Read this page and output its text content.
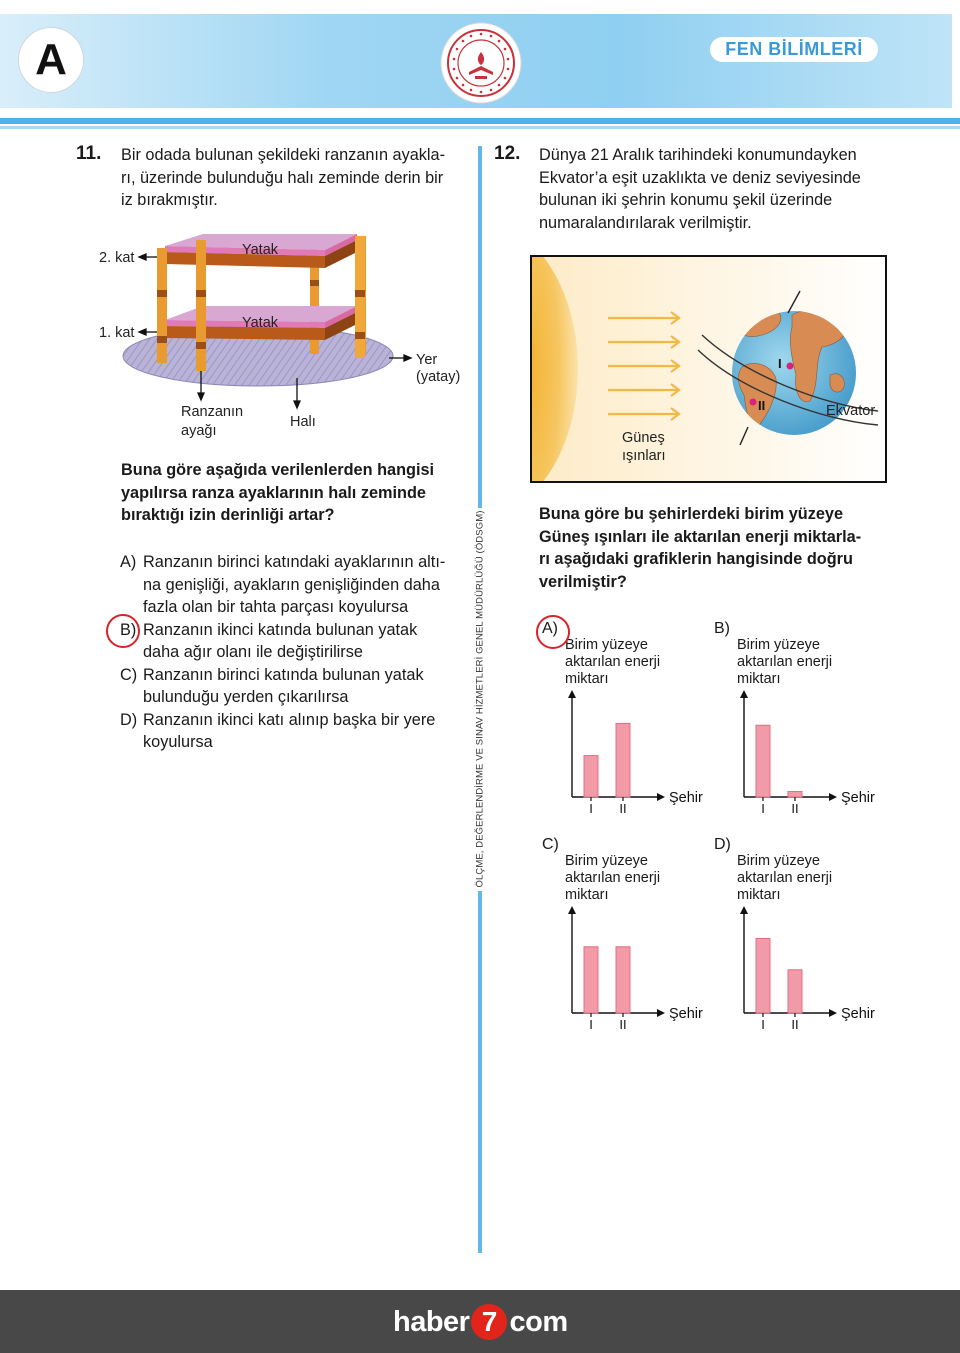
A	FEN BİLİMLERİ
ÖLÇME, DEĞERLENDİRME VE SINAV HİZMETLERİ GENEL MÜDÜRLÜĞÜ (ÖDSGM)
11. Bir odada bulunan şekildeki ranzanın ayakla-
rı, üzerinde bulunduğu halı zeminde derin bir
iz bırakmıştır.
Yatak
Yatak
2. kat
1. kat
Yer
(yatay)
Ranzanın
ayağı
Halı
Buna göre aşağıda verilenlerden hangisi
yapılırsa ranza ayaklarının halı zeminde
bıraktığı izin derinliği artar?
A) Ranzanın birinci katındaki ayaklarının altı-
na genişliği, ayakların genişliğinden daha
fazla olan bir tahta parçası koyulursa
B) Ranzanın ikinci katında bulunan yatak
daha ağır olanı ile değiştirilirse
C) Ranzanın birinci katında bulunan yatak
bulunduğu yerden çıkarılırsa
D) Ranzanın ikinci katı alınıp başka bir yere
koyulursa
12. Dünya 21 Aralık tarihindeki konumundayken
Ekvator’a eşit uzaklıkta ve deniz seviyesinde
bulunan iki şehrin konumu şekil üzerinde
numaralandırılarak verilmiştir.
I
II	Ekvator
Güneş
ışınları
Buna göre bu şehirlerdeki birim yüzeye
Güneş ışınları ile aktarılan enerji miktarla-
rı aşağıdaki grafiklerin hangisinde doğru
verilmiştir?
A)
Birim yüzeye
aktarılan enerji
miktarı
I II
Şehir
B)
Birim yüzeye
aktarılan enerji
miktarı
I II
Şehir
C)
Birim yüzeye
aktarılan enerji
miktarı
I II
Şehir
D)
Birim yüzeye
aktarılan enerji
miktarı
I II
Şehir
haber 7 com
